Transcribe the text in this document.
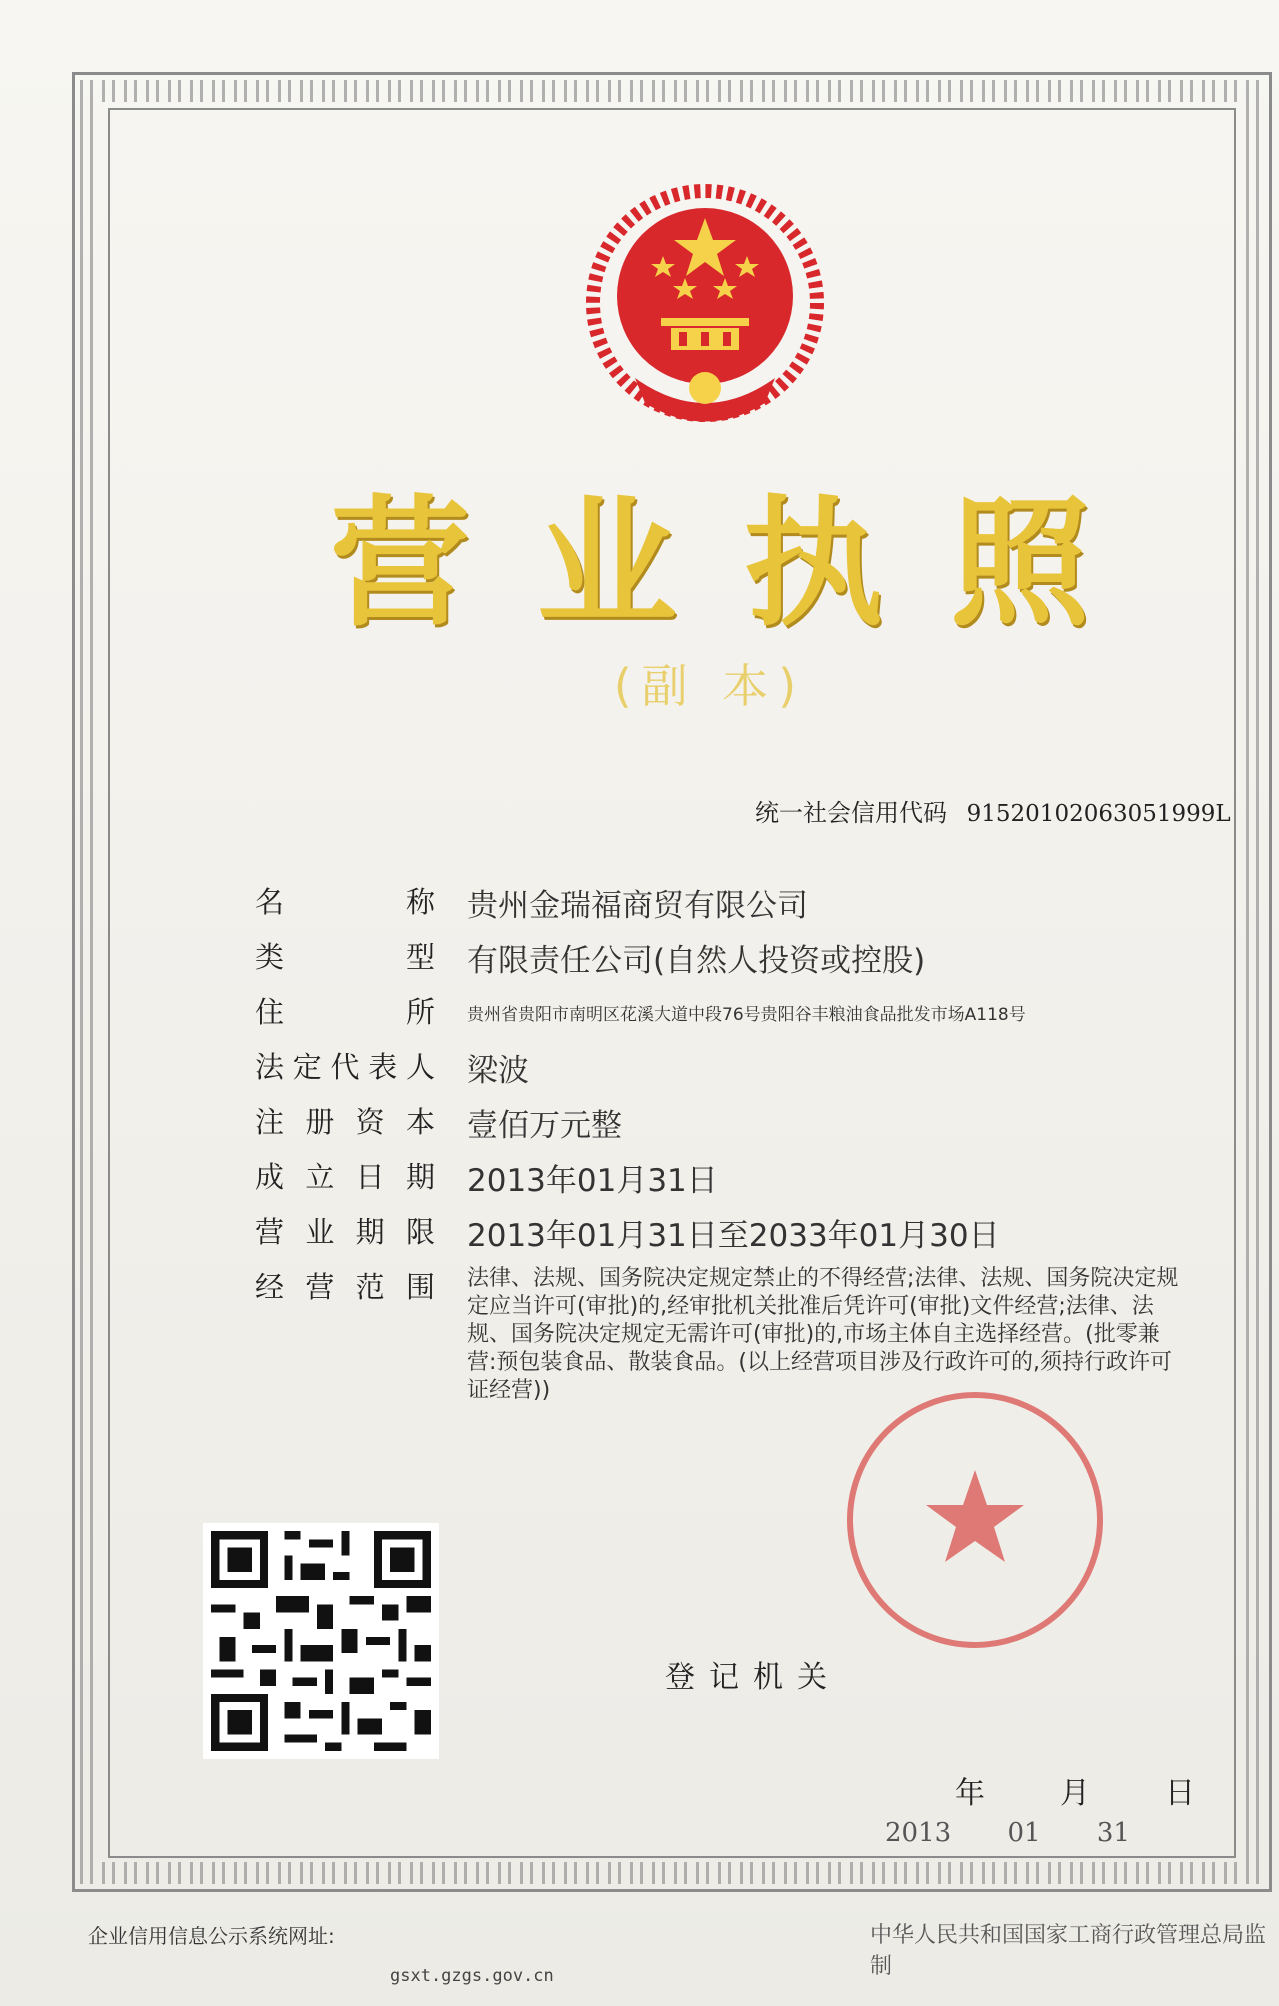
营 业 执 照
(副 本)
统一社会信用代码 91520102063051999L
名	称 贵州金瑞福商贸有限公司
类	型 有限责任公司(自然人投资或控股)
住	所 贵州省贵阳市南明区花溪大道中段76号贵阳谷丰粮油食品批发市场A118号
法 定 代 表 人 梁波
注 册 资 本 壹佰万元整
成 立 日 期 2013年01月31日
营 业 期 限 2013年01月31日至2033年01月30日
经 营 范 围 法律、法规、国务院决定规定禁止的不得经营;法律、法规、国务院决定规定应当许可(审批)的,经审批机关批准后凭许可(审批)文件经营;法律、法规、国务院决定规定无需许可(审批)的,市场主体自主选择经营。(批零兼营:预包装食品、散装食品。(以上经营项目涉及行政许可的,须持行政许可证经营))
登记机关
年	月	日
2013 01 31
企业信用信息公示系统网址:
gsxt.gzgs.gov.cn
中华人民共和国国家工商行政管理总局监制
